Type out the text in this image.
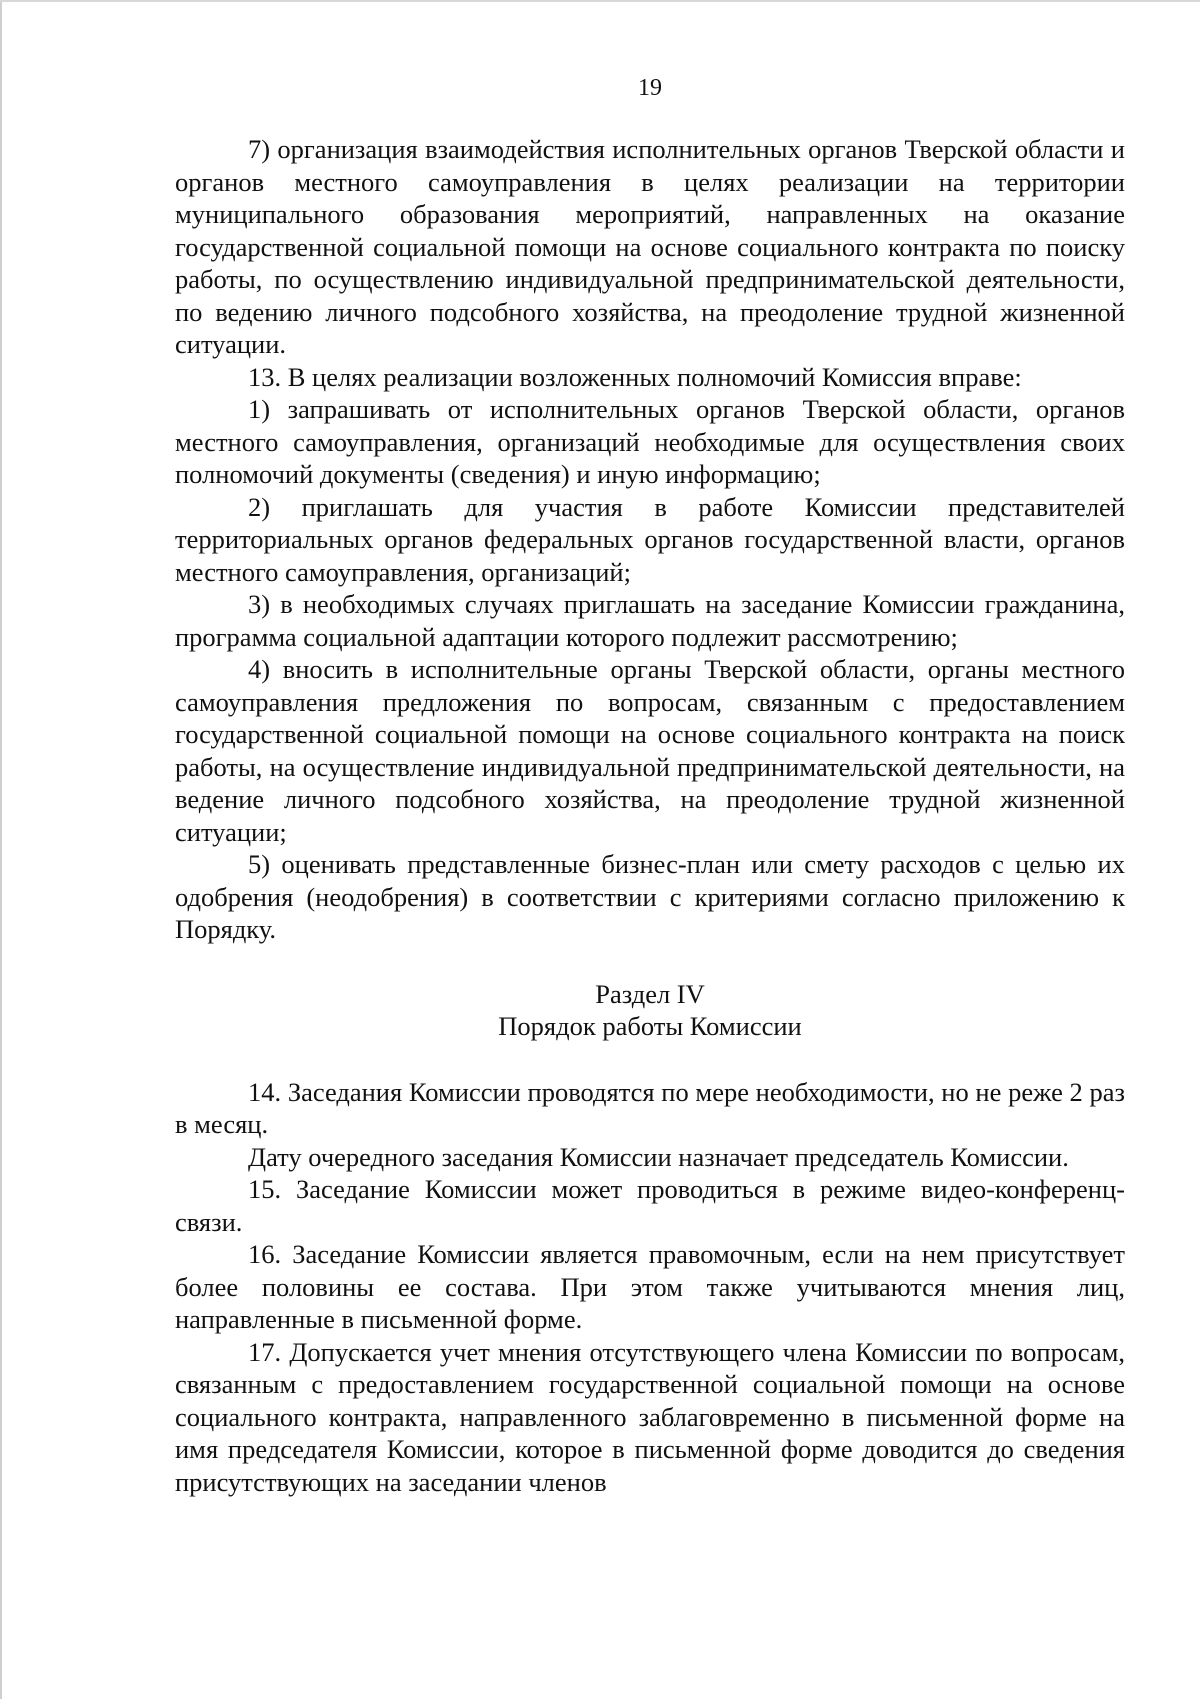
19

7) организация взаимодействия исполнительных органов Тверской области и органов местного самоуправления в целях реализации на территории муниципального образования мероприятий, направленных на оказание государственной социальной помощи на основе социального контракта по поиску работы, по осуществлению индивидуальной предпринимательской деятельности, по ведению личного подсобного хозяйства, на преодоление трудной жизненной ситуации.

13. В целях реализации возложенных полномочий Комиссия вправе:

1) запрашивать от исполнительных органов Тверской области, органов местного самоуправления, организаций необходимые для осуществления своих полномочий документы (сведения) и иную информацию;

2) приглашать для участия в работе Комиссии представителей территориальных органов федеральных органов государственной власти, органов местного самоуправления, организаций;

3) в необходимых случаях приглашать на заседание Комиссии гражданина, программа социальной адаптации которого подлежит рассмотрению;

4) вносить в исполнительные органы Тверской области, органы местного самоуправления предложения по вопросам, связанным с предоставлением государственной социальной помощи на основе социального контракта на поиск работы, на осуществление индивидуальной предпринимательской деятельности, на ведение личного подсобного хозяйства, на преодоление трудной жизненной ситуации;

5) оценивать представленные бизнес-план или смету расходов с целью их одобрения (неодобрения) в соответствии с критериями согласно приложению к Порядку.

Раздел IV
Порядок работы Комиссии

14. Заседания Комиссии проводятся по мере необходимости, но не реже 2 раз в месяц.

Дату очередного заседания Комиссии назначает председатель Комиссии.

15. Заседание Комиссии может проводиться в режиме видео-конференц-связи.

16. Заседание Комиссии является правомочным, если на нем присутствует более половины ее состава. При этом также учитываются мнения лиц, направленные в письменной форме.

17. Допускается учет мнения отсутствующего члена Комиссии по вопросам, связанным с предоставлением государственной социальной помощи на основе социального контракта, направленного заблаговременно в письменной форме на имя председателя Комиссии, которое в письменной форме доводится до сведения присутствующих на заседании членов
